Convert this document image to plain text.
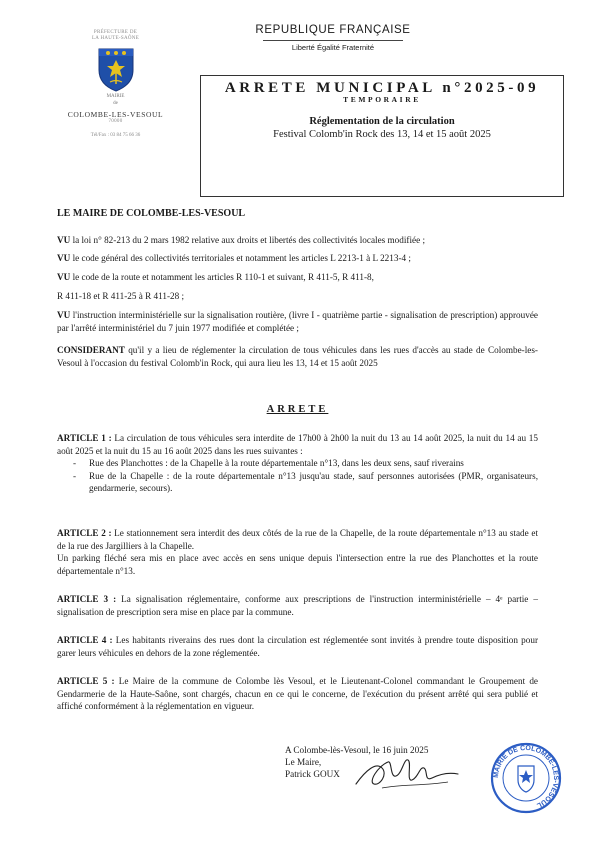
PRÉFECTURE DE
LA HAUTE-SAÔNE
MAIRIE
de
COLOMBE-LES-VESOUL
70000
Tél/Fax : 03 84 75 66 36
REPUBLIQUE FRANÇAISE
Liberté Égalité Fraternité
ARRETE MUNICIPAL n°2025-09
TEMPORAIRE
Réglementation de la circulation
Festival Colomb'in Rock des 13, 14 et 15 août 2025
LE MAIRE DE COLOMBE-LES-VESOUL
VU la loi n° 82-213 du 2 mars 1982 relative aux droits et libertés des collectivités locales modifiée ;
VU le code général des collectivités territoriales et notamment les articles L 2213-1 à L 2213-4 ;
VU le code de la route et notamment les articles R 110-1 et suivant, R 411-5, R 411-8,
R 411-18 et R 411-25 à R 411-28 ;
VU l'instruction interministérielle sur la signalisation routière, (livre I - quatrième partie - signalisation de prescription) approuvée par l'arrêté interministériel du 7 juin 1977 modifiée et complétée ;
CONSIDERANT qu'il y a lieu de réglementer la circulation de tous véhicules dans les rues d'accès au stade de Colombe-les-Vesoul à l'occasion du festival Colomb'in Rock, qui aura lieu les 13, 14 et 15 août 2025
ARRETE
ARTICLE 1 : La circulation de tous véhicules sera interdite de 17h00 à 2h00 la nuit du 13 au 14 août 2025, la nuit du 14 au 15 août 2025 et la nuit du 15 au 16 août 2025 dans les rues suivantes :
- Rue des Planchottes : de la Chapelle à la route départementale n°13, dans les deux sens, sauf riverains
- Rue de la Chapelle : de la route départementale n°13 jusqu'au stade, sauf personnes autorisées (PMR, organisateurs, gendarmerie, secours).
ARTICLE 2 : Le stationnement sera interdit des deux côtés de la rue de la Chapelle, de la route départementale n°13 au stade et de la rue des Jargilliers à la Chapelle.
Un parking fléché sera mis en place avec accès en sens unique depuis l'intersection entre la rue des Planchottes et la route départementale n°13.
ARTICLE 3 : La signalisation réglementaire, conforme aux prescriptions de l'instruction interministérielle – 4ᵉ partie – signalisation de prescription sera mise en place par la commune.
ARTICLE 4 : Les habitants riverains des rues dont la circulation est réglementée sont invités à prendre toute disposition pour garer leurs véhicules en dehors de la zone réglementée.
ARTICLE 5 : Le Maire de la commune de Colombe lès Vesoul, et le Lieutenant-Colonel commandant le Groupement de Gendarmerie de la Haute-Saône, sont chargés, chacun en ce qui le concerne, de l'exécution du présent arrêté qui sera publié et affiché conformément à la réglementation en vigueur.
A Colombe-lès-Vesoul, le 16 juin 2025
Le Maire,
Patrick GOUX	MAIRIE DE COLOMBE-LES-VESOUL
